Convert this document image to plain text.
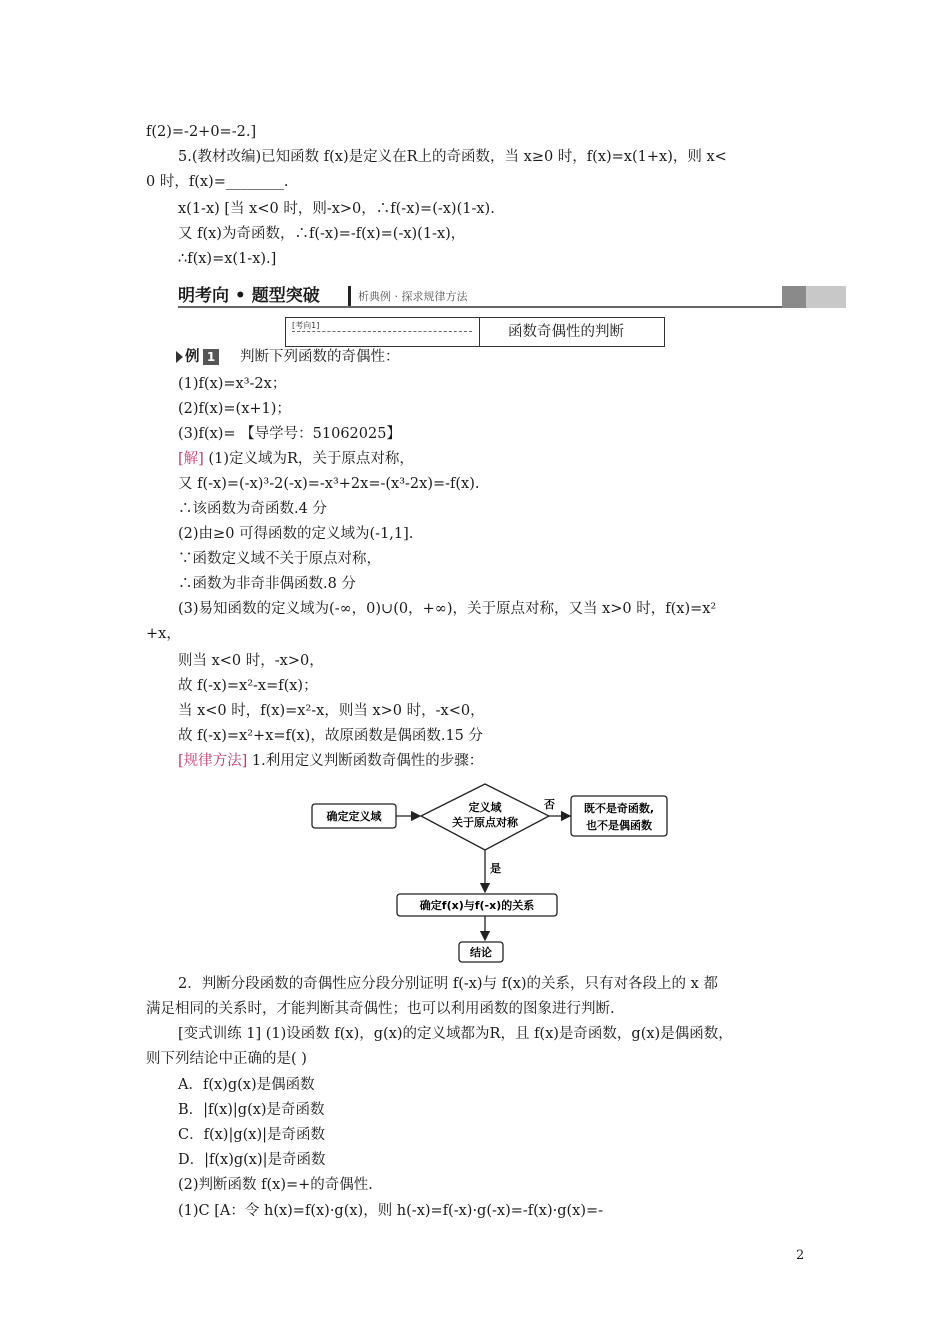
f(2)=-2+0=-2.]
5.(教材改编)已知函数 f(x)是定义在R上的奇函数，当 x≥0 时，f(x)=x(1+x)，则 x<
0 时，f(x)=________.
x(1-x) [当 x<0 时，则-x>0，∴f(-x)=(-x)(1-x).
又 f(x)为奇函数，∴f(-x)=-f(x)=(-x)(1-x)，
∴f(x)=x(1-x).]
明考向 • 题型突破	析典例 · 探求规律方法
[考向1]	函数奇偶性的判断
例 1 判断下列函数的奇偶性：
(1)f(x)=x³-2x；
(2)f(x)=(x+1)；
(3)f(x)= 【导学号：51062025】
[解] (1)定义域为R，关于原点对称，
又 f(-x)=(-x)³-2(-x)=-x³+2x=-(x³-2x)=-f(x).
∴该函数为奇函数.4 分
(2)由≥0 可得函数的定义域为(-1,1].
∵函数定义域不关于原点对称，
∴函数为非奇非偶函数.8 分
(3)易知函数的定义域为(-∞，0)∪(0，+∞)，关于原点对称，又当 x>0 时，f(x)=x²
+x，
则当 x<0 时，-x>0，
故 f(-x)=x²-x=f(x)；
当 x<0 时，f(x)=x²-x，则当 x>0 时，-x<0，
故 f(-x)=x²+x=f(x)，故原函数是偶函数.15 分
[规律方法] 1.利用定义判断函数奇偶性的步骤：
确定定义域
定义域
关于原点对称
否	既不是奇函数,
也不是偶函数
是
确定f(x)与f(-x)的关系
结论
2．判断分段函数的奇偶性应分段分别证明 f(-x)与 f(x)的关系，只有对各段上的 x 都
满足相同的关系时，才能判断其奇偶性；也可以利用函数的图象进行判断.
[变式训练 1] (1)设函数 f(x)，g(x)的定义域都为R，且 f(x)是奇函数，g(x)是偶函数，
则下列结论中正确的是( )
A．f(x)g(x)是偶函数
B．|f(x)|g(x)是奇函数
C．f(x)|g(x)|是奇函数
D．|f(x)g(x)|是奇函数
(2)判断函数 f(x)=+的奇偶性.
(1)C [A：令 h(x)=f(x)·g(x)，则 h(-x)=f(-x)·g(-x)=-f(x)·g(x)=-
2
